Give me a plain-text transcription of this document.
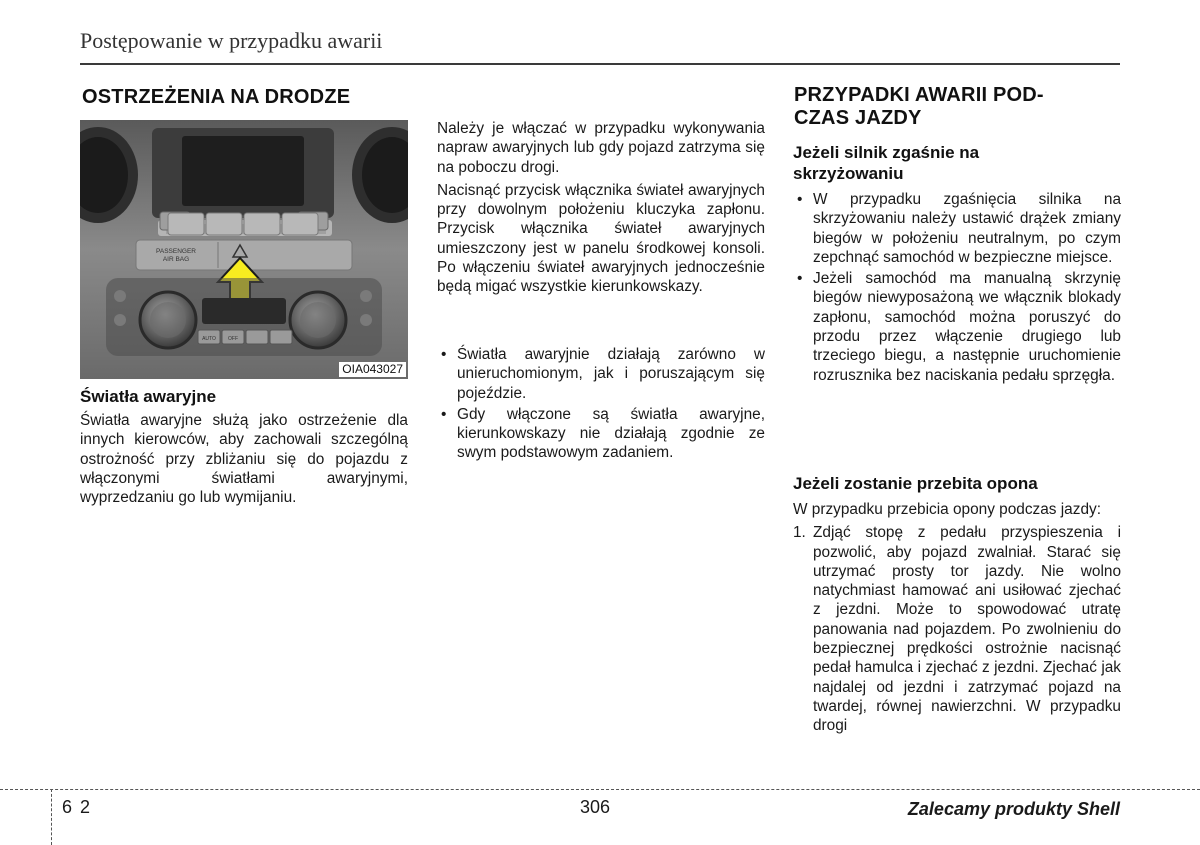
Postępowanie w przypadku awarii
OSTRZEŻENIA NA DRODZE
PASSENGER
AIR BAG
AUTO OFF
OIA043027
Światła awaryjne

Światła awaryjne służą jako ostrzeżenie dla innych kierowców, aby zachowali szczególną ostrożność przy zbliżaniu się do pojazdu z włączonymi światłami awaryjnymi, wyprzedzaniu go lub wymijaniu.

Należy je włączać w przypadku wykonywania napraw awaryjnych lub gdy pojazd zatrzyma się na poboczu drogi.

Nacisnąć przycisk włącznika świateł awaryjnych przy dowolnym położeniu kluczyka zapłonu. Przycisk włącznika świateł awaryjnych umieszczony jest w panelu środkowej konsoli. Po włączeniu świateł awaryjnych jednocześnie będą migać wszystkie kierunkowskazy.

• Światła awaryjnie działają zarówno w unieruchomionym, jak i poruszającym się pojeździe.
• Gdy włączone są światła awaryjne, kierunkowskazy nie działają zgodnie ze swym podstawowym zadaniem.
PRZYPADKI AWARII POD-
CZAS JAZDY
Jeżeli silnik zgaśnie na
skrzyżowaniu
• W przypadku zgaśnięcia silnika na skrzyżowaniu należy ustawić drążek zmiany biegów w położeniu neutralnym, po czym zepchnąć samochód w bezpieczne miejsce.
• Jeżeli samochód ma manualną skrzynię biegów niewyposażoną we włącznik blokady zapłonu, samochód można poruszyć do przodu przez włączenie drugiego lub trzeciego biegu, a następnie uruchomienie rozrusznika bez naciskania pedału sprzęgła.
Jeżeli zostanie przebita opona

W przypadku przebicia opony podczas jazdy:

1. Zdjąć stopę z pedału przyspieszenia i pozwolić, aby pojazd zwalniał. Starać się utrzymać prosty tor jazdy. Nie wolno natychmiast hamować ani usiłować zjechać z jezdni. Może to spowodować utratę panowania nad pojazdem. Po zwolnieniu do bezpiecznej prędkości ostrożnie nacisnąć pedał hamulca i zjechać z jezdni. Zjechać jak najdalej od jezdni i zatrzymać pojazd na twardej, równej nawierzchni. W przypadku drogi
6 2	306	Zalecamy produkty Shell
